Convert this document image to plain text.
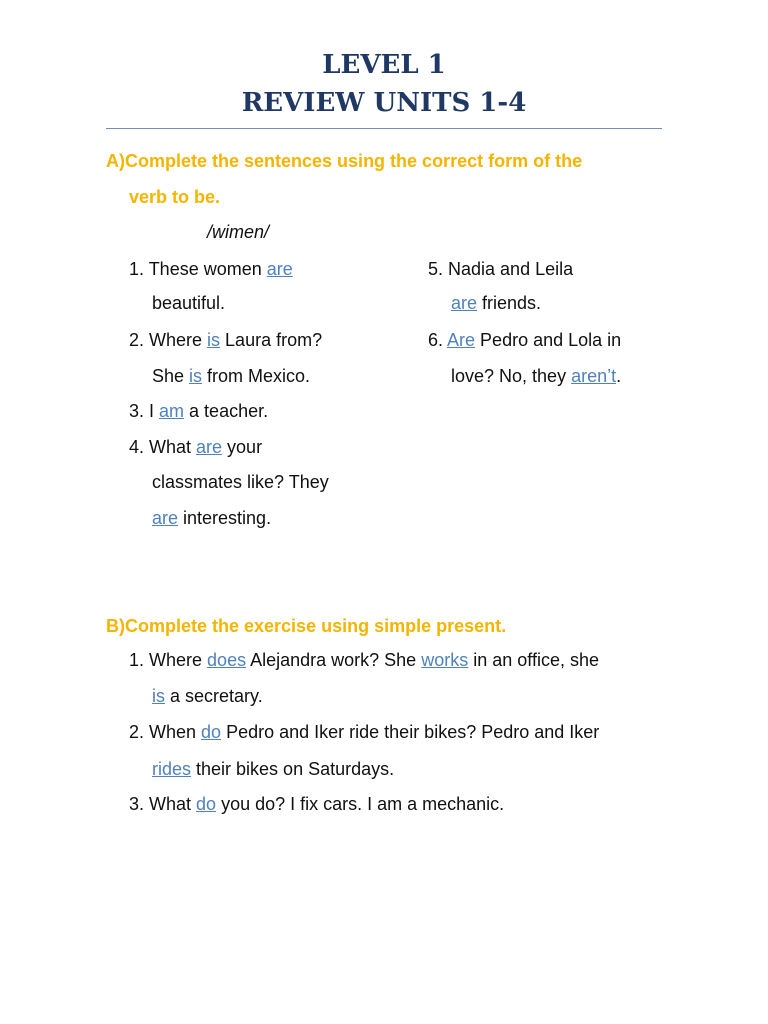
LEVEL 1
REVIEW UNITS 1-4
A)Complete the sentences using the correct form of the
verb to be.
/wimen/
1. These women are
beautiful.
2. Where is Laura from?
She is from Mexico.
3. I am a teacher.
4. What are your
classmates like? They
are interesting.
5. Nadia and Leila
are friends.
6. Are Pedro and Lola in
love? No, they aren’t.
B)Complete the exercise using simple present.
1. Where does Alejandra work? She works in an office, she
is a secretary.
2. When do Pedro and Iker ride their bikes? Pedro and Iker
rides their bikes on Saturdays.
3. What do you do? I fix cars. I am a mechanic.
